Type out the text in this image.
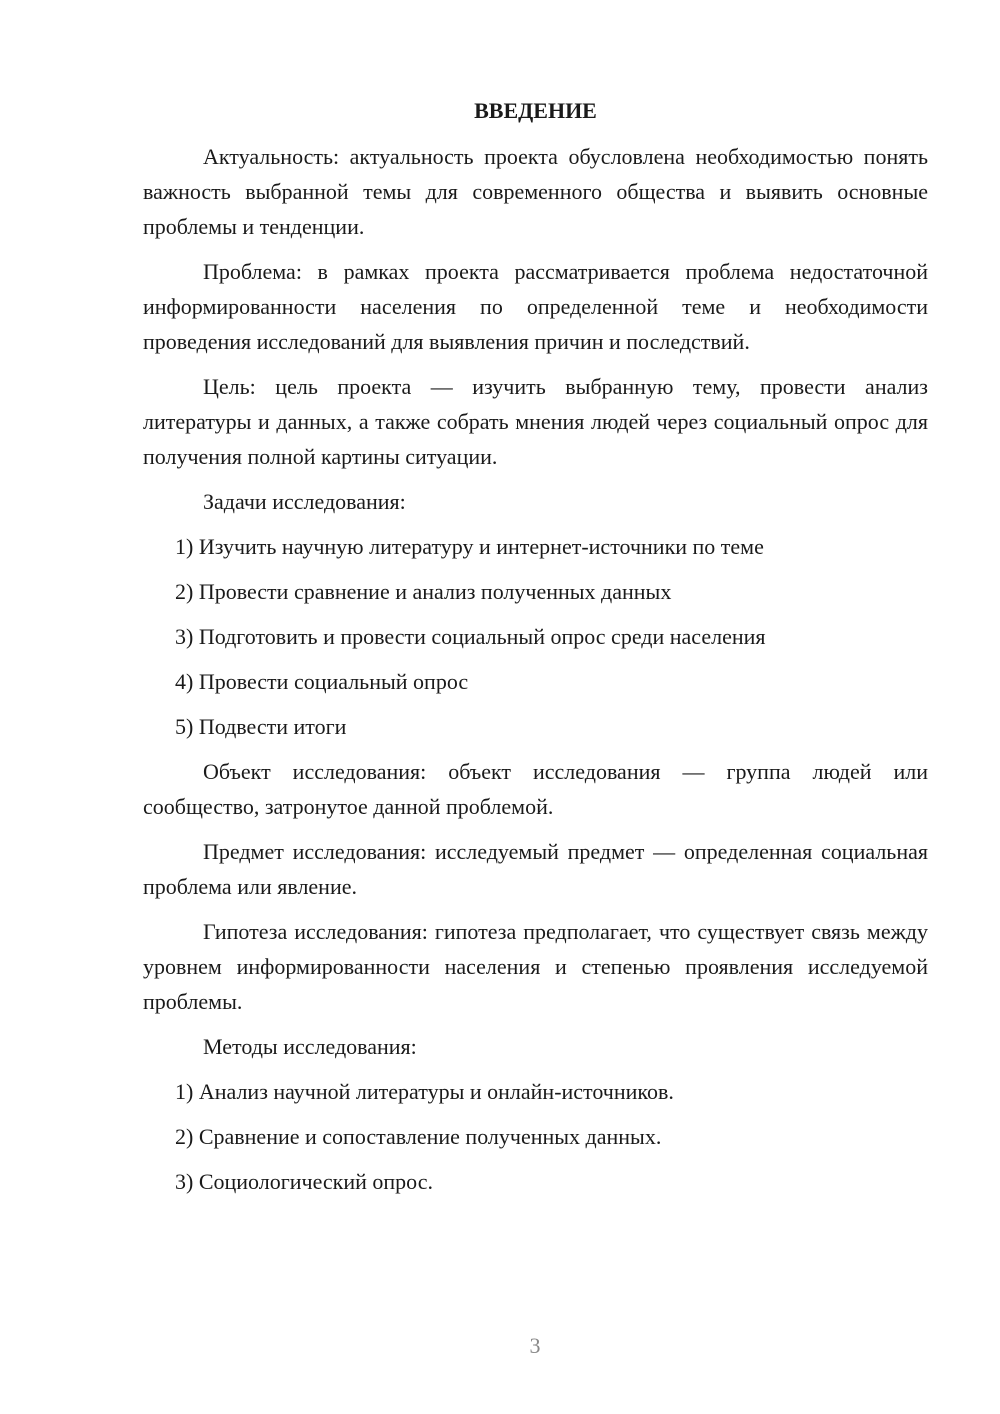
ВВЕДЕНИЕ

Актуальность: актуальность проекта обусловлена необходимостью понять важность выбранной темы для современного общества и выявить основные проблемы и тенденции.

Проблема: в рамках проекта рассматривается проблема недостаточной информированности населения по определенной теме и необходимости проведения исследований для выявления причин и последствий.

Цель: цель проекта — изучить выбранную тему, провести анализ литературы и данных, а также собрать мнения людей через социальный опрос для получения полной картины ситуации.

Задачи исследования:

1) Изучить научную литературу и интернет-источники по теме
2) Провести сравнение и анализ полученных данных
3) Подготовить и провести социальный опрос среди населения
4) Провести социальный опрос
5) Подвести итоги

Объект исследования: объект исследования — группа людей или сообщество, затронутое данной проблемой.

Предмет исследования: исследуемый предмет — определенная социальная проблема или явление.

Гипотеза исследования: гипотеза предполагает, что существует связь между уровнем информированности населения и степенью проявления исследуемой проблемы.

Методы исследования:

1) Анализ научной литературы и онлайн-источников.
2) Сравнение и сопоставление полученных данных.
3) Социологический опрос.
3
